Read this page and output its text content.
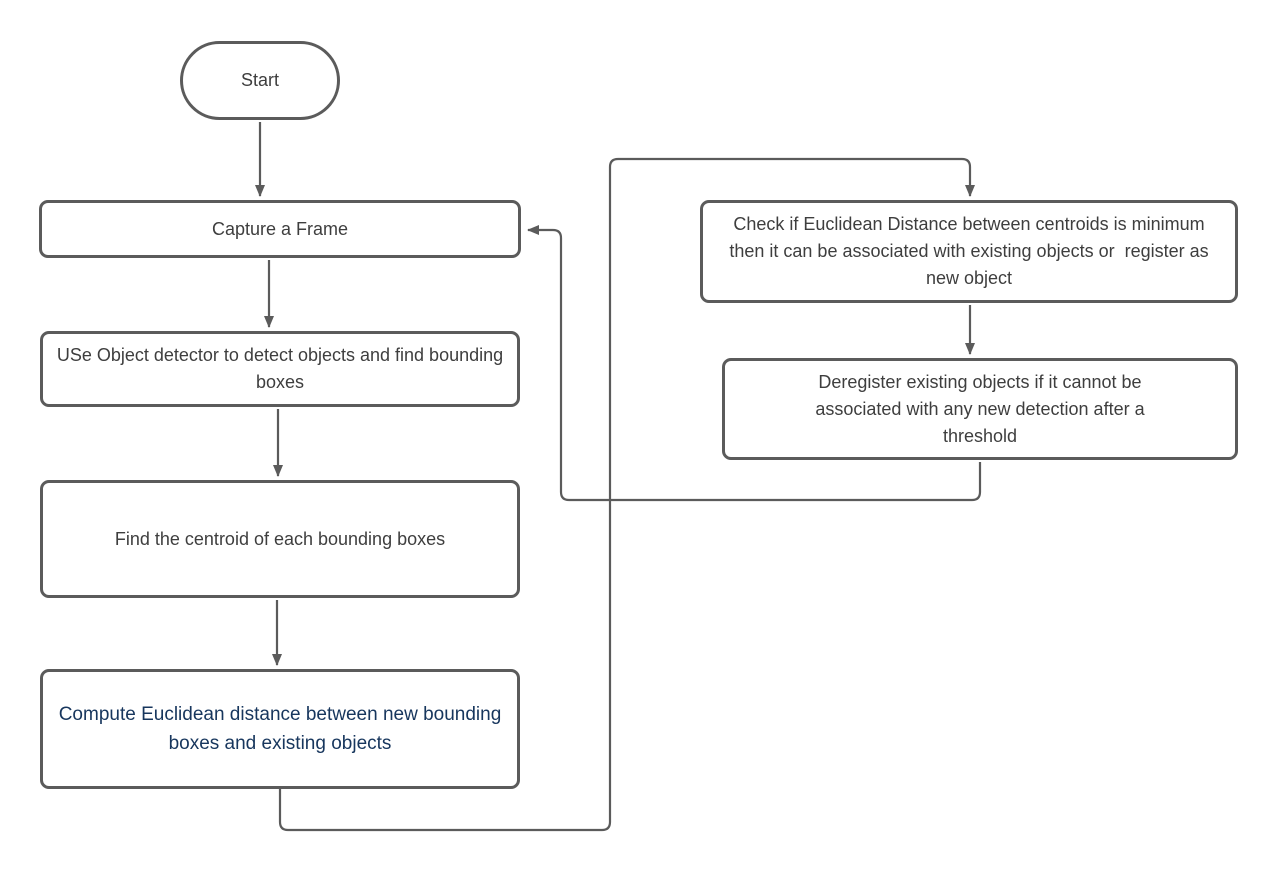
Start
Capture a Frame
USe Object detector to detect objects and find bounding boxes
Find the centroid of each bounding boxes
Compute Euclidean distance between new bounding boxes and existing objects
Check if Euclidean Distance between centroids is minimum then it can be associated with existing objects or  register as new object
Deregister existing objects if it cannot be associated with any new detection after a threshold
